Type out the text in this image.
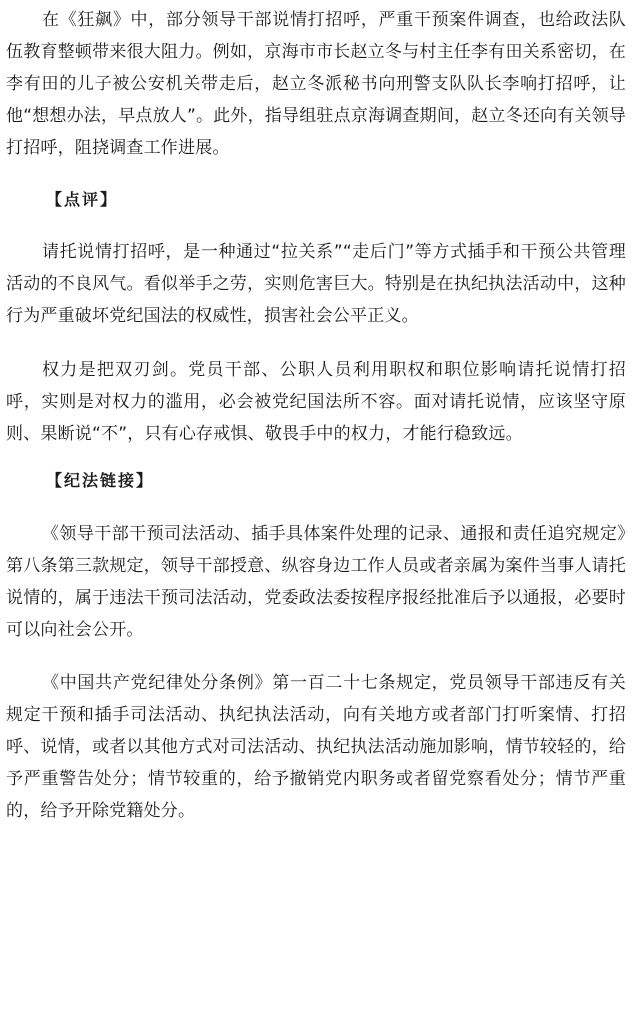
在《狂飙》中，部分领导干部说情打招呼，严重干预案件调查，也给政法队伍教育整顿带来很大阻力。例如，京海市市长赵立冬与村主任李有田关系密切，在李有田的儿子被公安机关带走后，赵立冬派秘书向刑警支队队长李响打招呼，让他“想想办法，早点放人”。此外，指导组驻点京海调查期间，赵立冬还向有关领导打招呼，阻挠调查工作进展。

【点评】

请托说情打招呼，是一种通过“拉关系”“走后门”等方式插手和干预公共管理活动的不良风气。看似举手之劳，实则危害巨大。特别是在执纪执法活动中，这种行为严重破坏党纪国法的权威性，损害社会公平正义。

权力是把双刃剑。党员干部、公职人员利用职权和职位影响请托说情打招呼，实则是对权力的滥用，必会被党纪国法所不容。面对请托说情，应该坚守原则、果断说“不”，只有心存戒惧、敬畏手中的权力，才能行稳致远。

【纪法链接】

《领导干部干预司法活动、插手具体案件处理的记录、通报和责任追究规定》第八条第三款规定，领导干部授意、纵容身边工作人员或者亲属为案件当事人请托说情的，属于违法干预司法活动，党委政法委按程序报经批准后予以通报，必要时可以向社会公开。

《中国共产党纪律处分条例》第一百二十七条规定，党员领导干部违反有关规定干预和插手司法活动、执纪执法活动，向有关地方或者部门打听案情、打招呼、说情，或者以其他方式对司法活动、执纪执法活动施加影响，情节较轻的，给予严重警告处分；情节较重的，给予撤销党内职务或者留党察看处分；情节严重的，给予开除党籍处分。
